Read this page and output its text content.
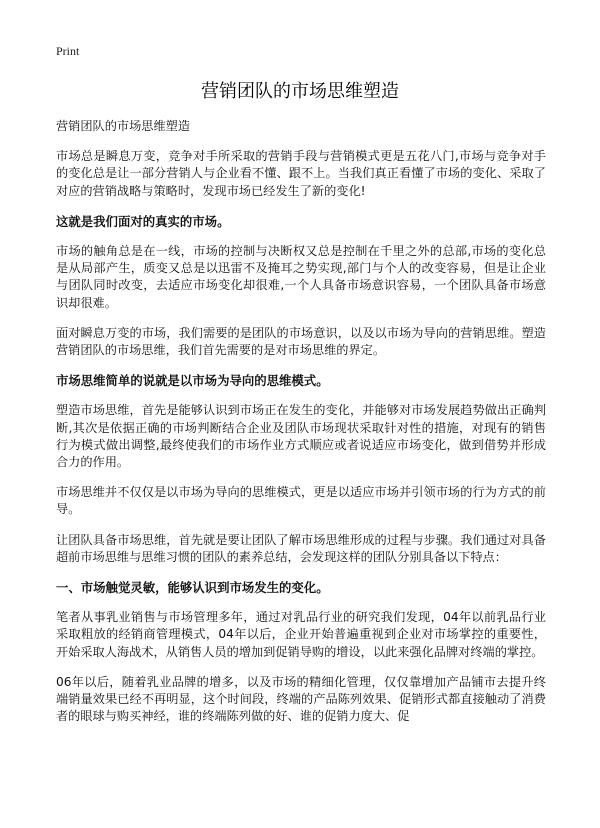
Print
营销团队的市场思维塑造

营销团队的市场思维塑造

市场总是瞬息万变，竞争对手所采取的营销手段与营销模式更是五花八门,市场与竞争对手的变化总是让一部分营销人与企业看不懂、跟不上。当我们真正看懂了市场的变化、采取了对应的营销战略与策略时，发现市场已经发生了新的变化!

这就是我们面对的真实的市场。

市场的触角总是在一线，市场的控制与决断权又总是控制在千里之外的总部,市场的变化总是从局部产生，质变又总是以迅雷不及掩耳之势实现,部门与个人的改变容易，但是让企业与团队同时改变，去适应市场变化却很难,一个人具备市场意识容易，一个团队具备市场意识却很难。

面对瞬息万变的市场，我们需要的是团队的市场意识，以及以市场为导向的营销思维。塑造营销团队的市场思维，我们首先需要的是对市场思维的界定。

市场思维简单的说就是以市场为导向的思维模式。

塑造市场思维，首先是能够认识到市场正在发生的变化，并能够对市场发展趋势做出正确判断,其次是依据正确的市场判断结合企业及团队市场现状采取针对性的措施，对现有的销售行为模式做出调整,最终使我们的市场作业方式顺应或者说适应市场变化，做到借势并形成合力的作用。

市场思维并不仅仅是以市场为导向的思维模式，更是以适应市场并引领市场的行为方式的前导。

让团队具备市场思维，首先就是要让团队了解市场思维形成的过程与步骤。我们通过对具备超前市场思维与思维习惯的团队的素养总结，会发现这样的团队分别具备以下特点：

一、市场触觉灵敏，能够认识到市场发生的变化。

笔者从事乳业销售与市场管理多年，通过对乳品行业的研究我们发现，04年以前乳品行业采取粗放的经销商管理模式，04年以后，企业开始普遍重视到企业对市场掌控的重要性，开始采取人海战术，从销售人员的增加到促销导购的增设，以此来强化品牌对终端的掌控。

06年以后，随着乳业品牌的增多，以及市场的精细化管理，仅仅靠增加产品铺市去提升终端销量效果已经不再明显，这个时间段，终端的产品陈列效果、促销形式都直接触动了消费者的眼球与购买神经，谁的终端陈列做的好、谁的促销力度大、促
